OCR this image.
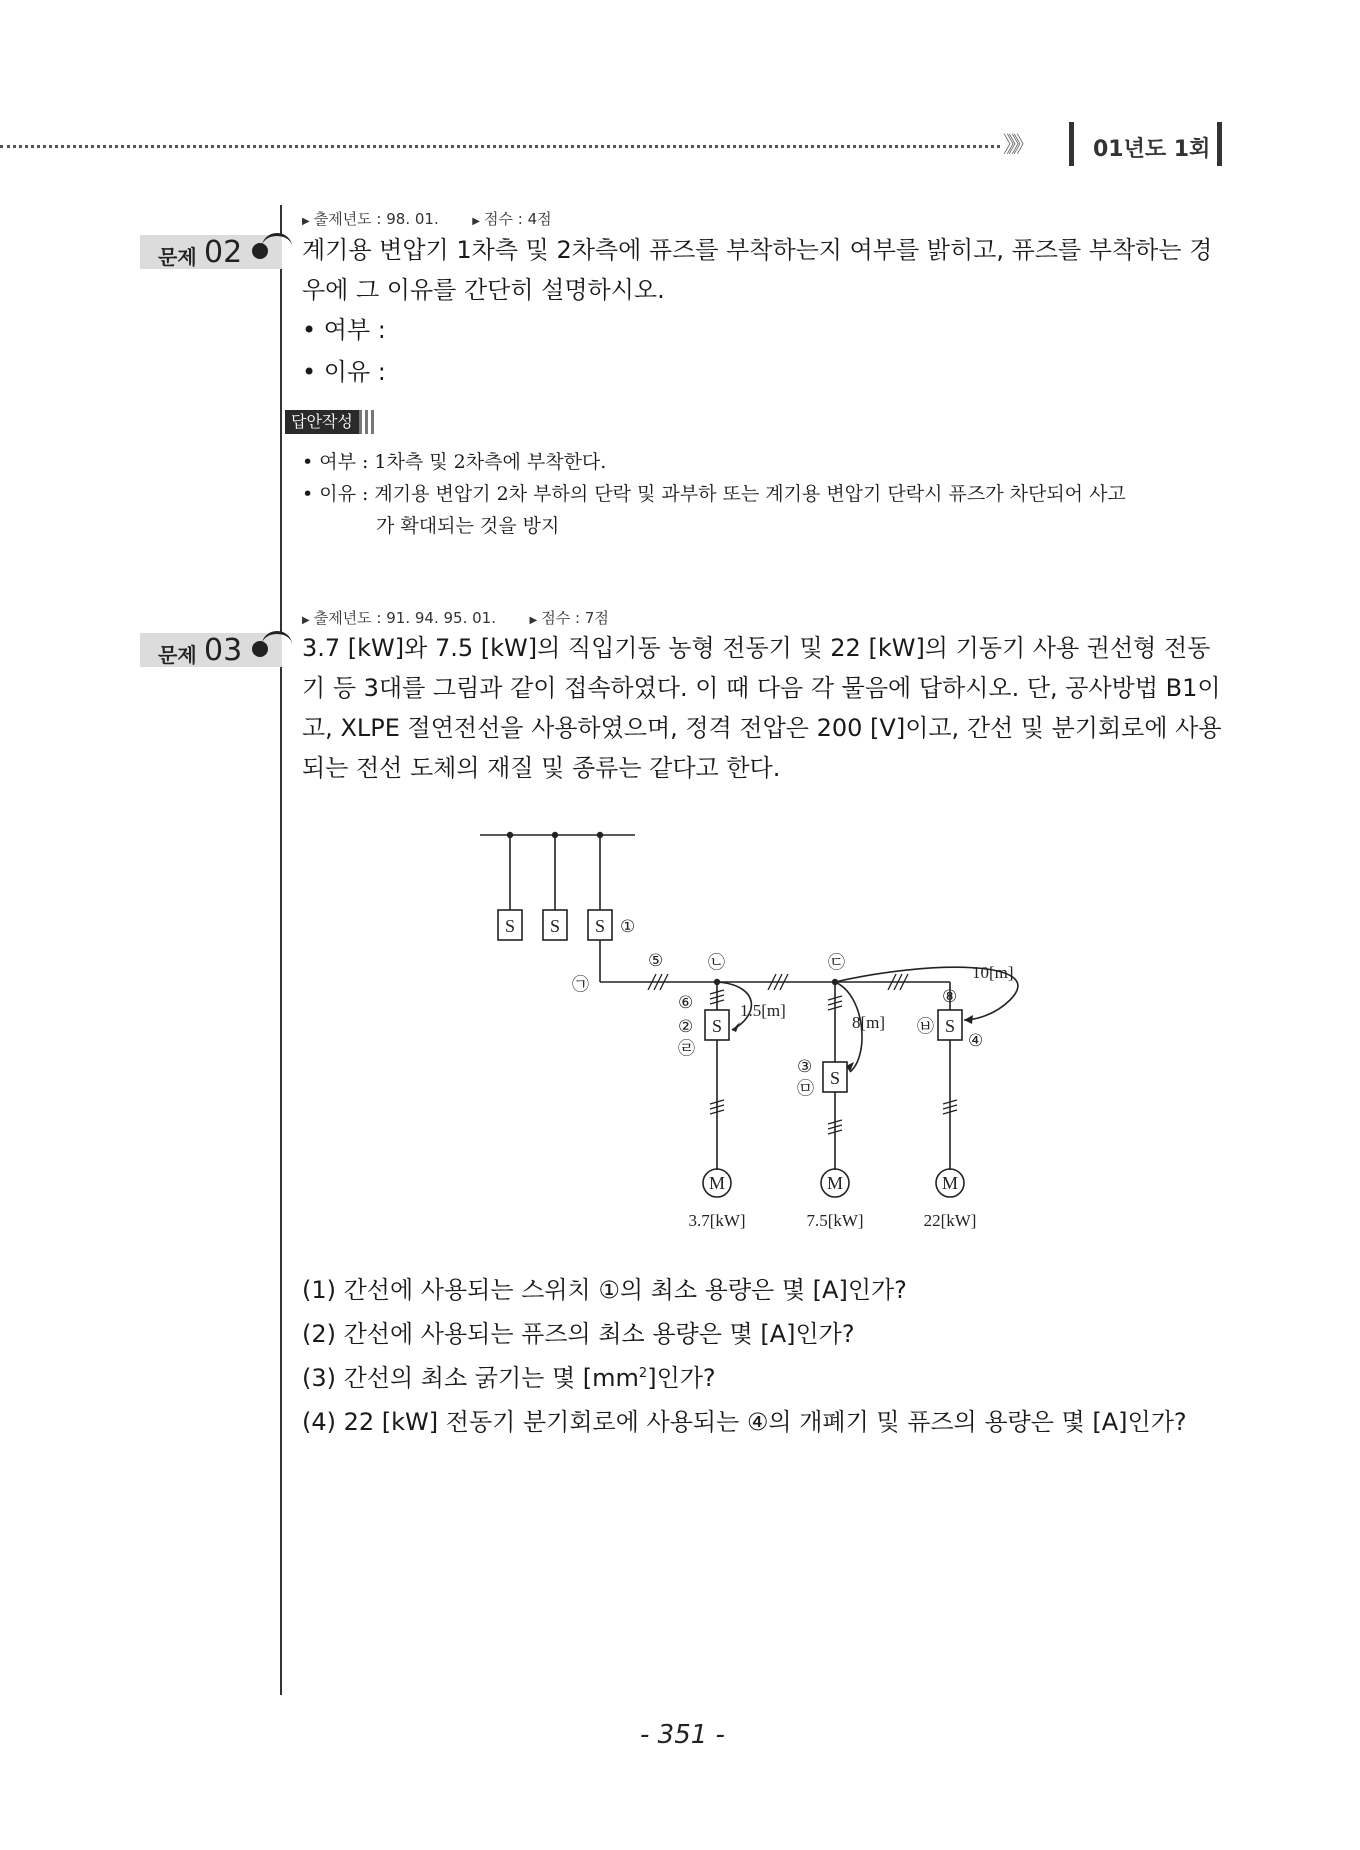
》》》	01년도 1회
▶ 출제년도 : 98. 01.	▶ 점수 : 4점
문제 02 계기용 변압기 1차측 및 2차측에 퓨즈를 부착하는지 여부를 밝히고, 퓨즈를 부착하는 경우에 그 이유를 간단히 설명하시오.
• 여부 :
• 이유 :
답안작성
• 여부 : 1차측 및 2차측에 부착한다.
• 이유 : 계기용 변압기 2차 부하의 단락 및 과부하 또는 계기용 변압기 단락시 퓨즈가 차단되어 사고
가 확대되는 것을 방지
▶ 출제년도 : 91. 94. 95. 01.	▶ 점수 : 7점
문제 03 3.7 [kW]와 7.5 [kW]의 직입기동 농형 전동기 및 22 [kW]의 기동기 사용 권선형 전동기 등 3대를 그림과 같이 접속하였다. 이 때 다음 각 물음에 답하시오. 단, 공사방법 B1이고, XLPE 절연전선을 사용하였으며, 정격 전압은 200 [V]이고, 간선 및 분기회로에 사용되는 전선 도체의 재질 및 종류는 같다고 한다.
S S S
S
S
S
M	M	M
①
㉠
⑤	㉡	㉢
⑥
②
㉣
③
㉤
㉥
④
⑧
1.5[m]
8[m]
10[m]
3.7[kW]	7.5[kW]	22[kW]
(1) 간선에 사용되는 스위치 ①의 최소 용량은 몇 [A]인가?
(2) 간선에 사용되는 퓨즈의 최소 용량은 몇 [A]인가?
(3) 간선의 최소 굵기는 몇 $[mm^2]$인가?
(4) 22 [kW] 전동기 분기회로에 사용되는 ④의 개폐기 및 퓨즈의 용량은 몇 [A]인가?
- 351 -
